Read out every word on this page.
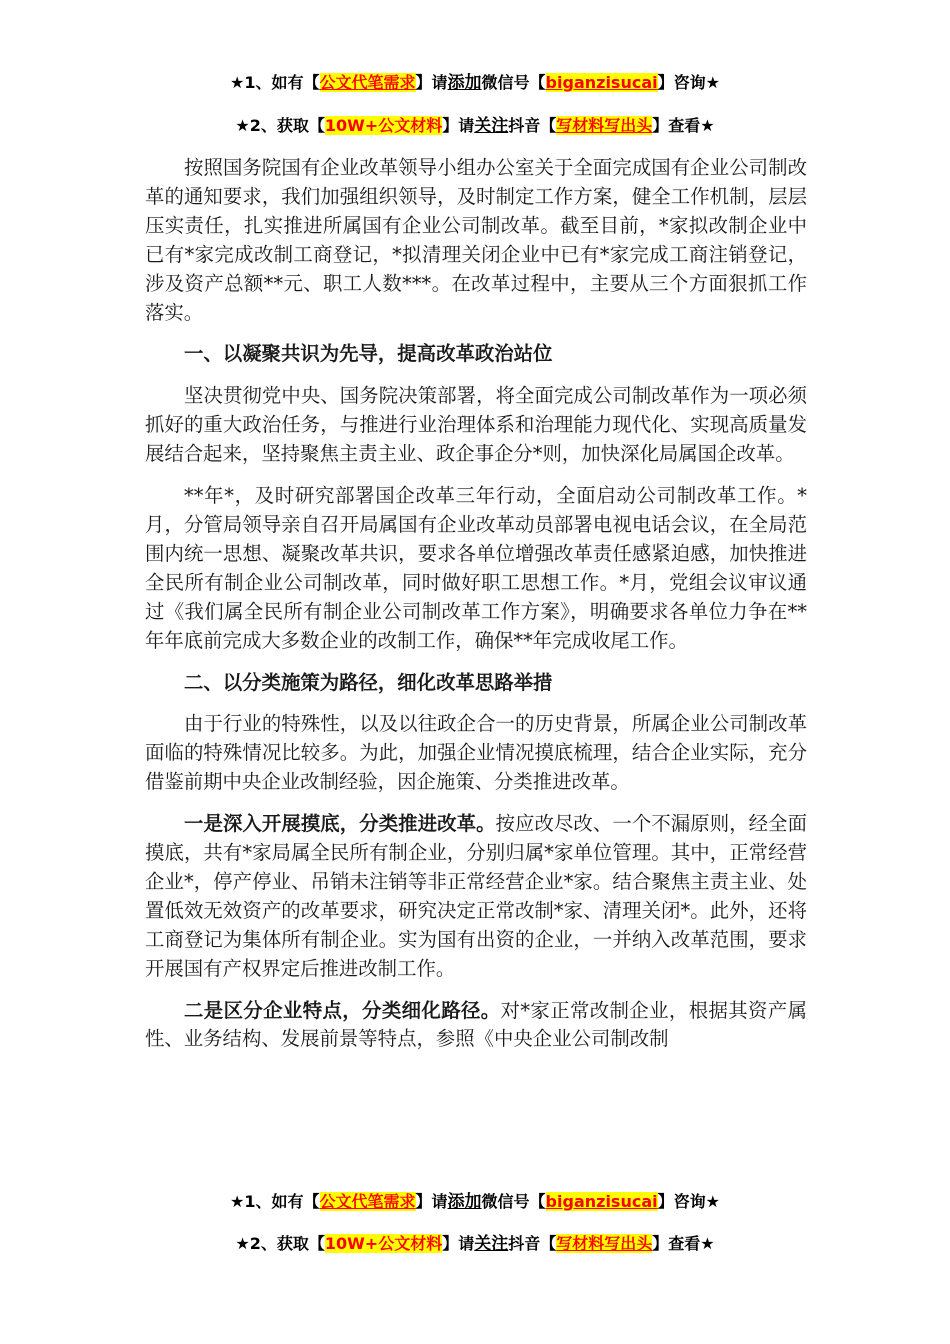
★1、如有【公文代笔需求】请添加微信号【biganzisucai】咨询★
★2、获取【10W+公文材料】请关注抖音【写材料写出头】查看★

按照国务院国有企业改革领导小组办公室关于全面完成国有企业公司制改革的通知要求，我们加强组织领导，及时制定工作方案，健全工作机制，层层压实责任，扎实推进所属国有企业公司制改革。截至目前，*家拟改制企业中已有*家完成改制工商登记，*拟清理关闭企业中已有*家完成工商注销登记，涉及资产总额**元、职工人数***。在改革过程中，主要从三个方面狠抓工作落实。

一、以凝聚共识为先导，提高改革政治站位

坚决贯彻党中央、国务院决策部署，将全面完成公司制改革作为一项必须抓好的重大政治任务，与推进行业治理体系和治理能力现代化、实现高质量发展结合起来，坚持聚焦主责主业、政企事企分*则，加快深化局属国企改革。

**年*，及时研究部署国企改革三年行动，全面启动公司制改革工作。*月，分管局领导亲自召开局属国有企业改革动员部署电视电话会议，在全局范围内统一思想、凝聚改革共识，要求各单位增强改革责任感紧迫感，加快推进全民所有制企业公司制改革，同时做好职工思想工作。*月，党组会议审议通过《我们属全民所有制企业公司制改革工作方案》，明确要求各单位力争在**年年底前完成大多数企业的改制工作，确保**年完成收尾工作。

二、以分类施策为路径，细化改革思路举措

由于行业的特殊性，以及以往政企合一的历史背景，所属企业公司制改革面临的特殊情况比较多。为此，加强企业情况摸底梳理，结合企业实际，充分借鉴前期中央企业改制经验，因企施策、分类推进改革。

一是深入开展摸底，分类推进改革。按应改尽改、一个不漏原则，经全面摸底，共有*家局属全民所有制企业，分别归属*家单位管理。其中，正常经营企业*，停产停业、吊销未注销等非正常经营企业*家。结合聚焦主责主业、处置低效无效资产的改革要求，研究决定正常改制*家、清理关闭*。此外，还将工商登记为集体所有制企业。实为国有出资的企业，一并纳入改革范围，要求开展国有产权界定后推进改制工作。

二是区分企业特点，分类细化路径。对*家正常改制企业，根据其资产属性、业务结构、发展前景等特点，参照《中央企业公司制改制

★1、如有【公文代笔需求】请添加微信号【biganzisucai】咨询★
★2、获取【10W+公文材料】请关注抖音【写材料写出头】查看★
